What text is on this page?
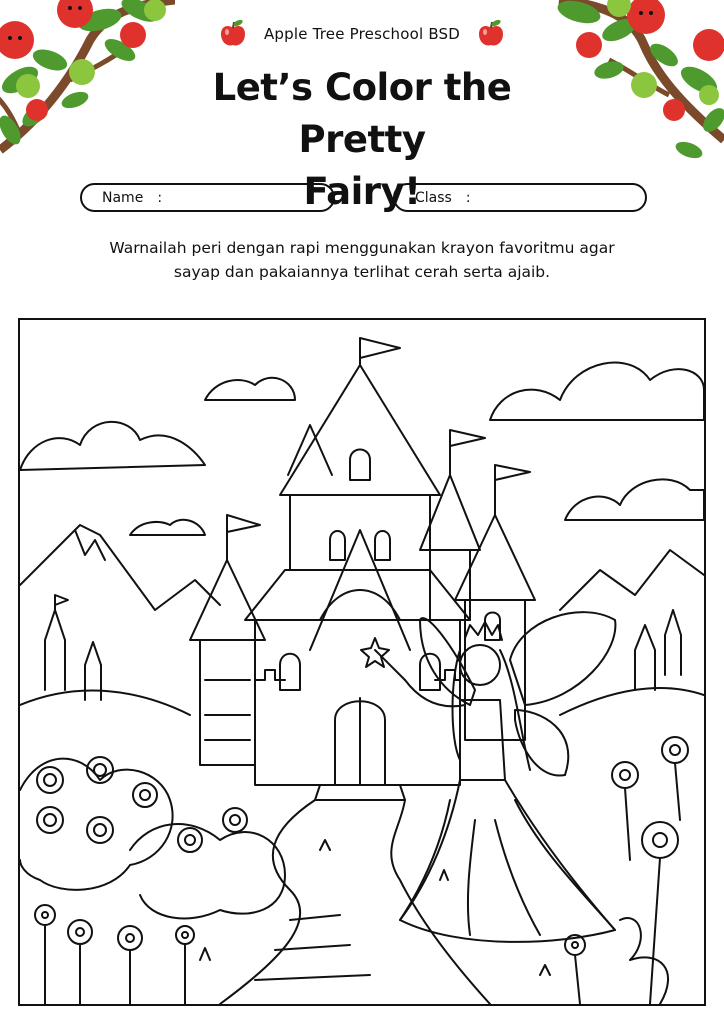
Apple Tree Preschool BSD
Let’s Color the Pretty
Fairy!
Name :	Class :

Warnailah peri dengan rapi menggunakan krayon favoritmu agar
sayap dan pakaiannya terlihat cerah serta ajaib.
